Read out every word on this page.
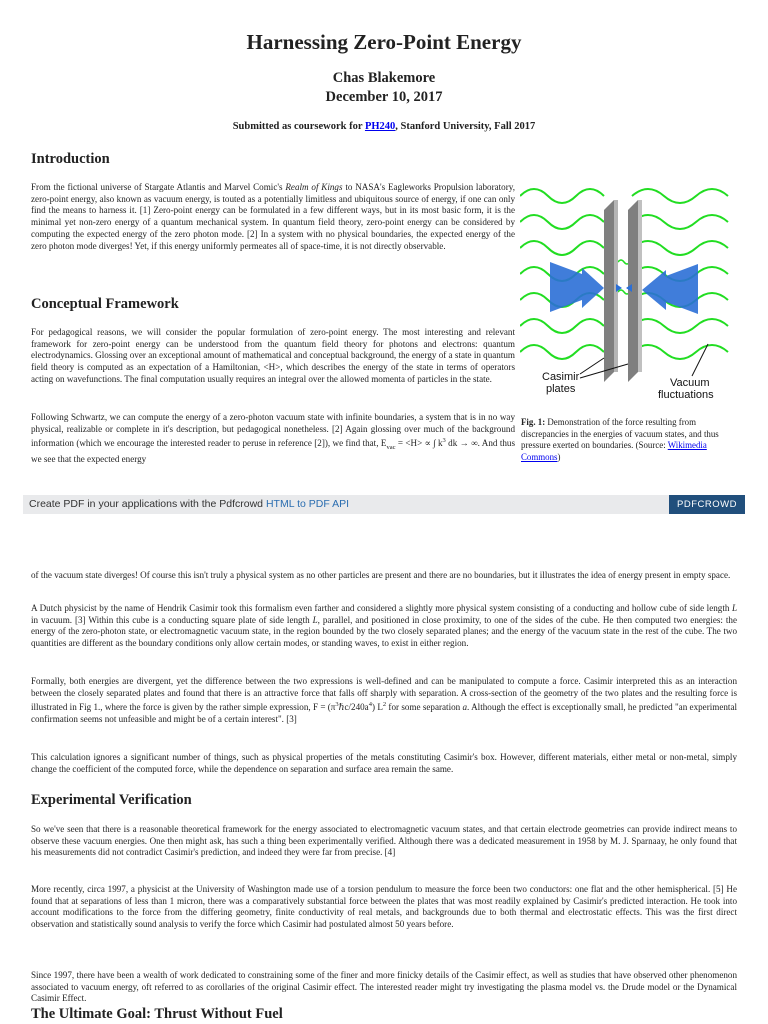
Harnessing Zero-Point Energy

Chas Blakemore

December 10, 2017

Submitted as coursework for PH240, Stanford University, Fall 2017
Introduction

From the fictional universe of Stargate Atlantis and Marvel Comic's Realm of Kings to NASA's Eagleworks Propulsion laboratory, zero-point energy, also known as vacuum energy, is touted as a potentially limitless and ubiquitous source of energy, if one can only find the means to harness it. [1] Zero-point energy can be formulated in a few different ways, but in its most basic form, it is the minimal yet non-zero energy of a quantum mechanical system. In quantum field theory, zero-point energy can be considered by computing the expected energy of the zero photon mode. [2] In a system with no physical boundaries, the expected energy of the zero photon mode diverges! Yet, if this energy uniformly permeates all of space-time, it is not directly observable.

Conceptual Framework

For pedagogical reasons, we will consider the popular formulation of zero-point energy. The most interesting and relevant framework for zero-point energy can be understood from the quantum field theory for photons and electrons: quantum electrodynamics. Glossing over an exceptional amount of mathematical and conceptual background, the energy of a state in quantum field theory is computed as an expectation of a Hamiltonian, <H>, which describes the energy of the state in terms of operators acting on wavefunctions. The final computation usually requires an integral over the allowed momenta of particles in the state.

Following Schwartz, we can compute the energy of a zero-photon vacuum state with infinite boundaries, a system that is in no way physical, realizable or complete in it's description, but pedagogical nonetheless. [2] Again glossing over much of the background information (which we encourage the interested reader to peruse in reference [2]), we find that, $E_{vac} = <H>$ ∝ ∫ $k^3$ dk → ∞. And thus we see that the expected energy

Casimir
plates	Vacuum
fluctuations
Fig. 1: Demonstration of the force resulting from discrepancies in the energies of vacuum states, and thus pressure exerted on boundaries. (Source: Wikimedia Commons)
Create PDF in your applications with the Pdfcrowd HTML to PDF API	PDFCROWD

of the vacuum state diverges! Of course this isn't truly a physical system as no other particles are present and there are no boundaries, but it illustrates the idea of energy present in empty space.

A Dutch physicist by the name of Hendrik Casimir took this formalism even farther and considered a slightly more physical system consisting of a conducting and hollow cube of side length L in vacuum. [3] Within this cube is a conducting square plate of side length L, parallel, and positioned in close proximity, to one of the sides of the cube. He then computed two energies: the energy of the zero-photon state, or electromagnetic vacuum state, in the region bounded by the two closely separated planes; and the energy of the vacuum state in the rest of the cube. The two quantities are different as the boundary conditions only allow certain modes, or standing waves, to exist in either region.

Formally, both energies are divergent, yet the difference between the two expressions is well-defined and can be manipulated to compute a force. Casimir interpreted this as an interaction between the closely separated plates and found that there is an attractive force that falls off sharply with separation. A cross-section of the geometry of the two plates and the resulting force is illustrated in Fig 1., where the force is given by the rather simple expression, $F = (\pi^3\hbar c/240a^4)$ $L^2$ for some separation a. Although the effect is exceptionally small, he predicted "an experimental confirmation seems not unfeasible and might be of a certain interest". [3]

This calculation ignores a significant number of things, such as physical properties of the metals constituting Casimir's box. However, different materials, either metal or non-metal, simply change the coefficient of the computed force, while the dependence on separation and surface area remain the same.

Experimental Verification

So we've seen that there is a reasonable theoretical framework for the energy associated to electromagnetic vacuum states, and that certain electrode geometries can provide indirect means to observe these vacuum energies. One then might ask, has such a thing been experimentally verified. Although there was a dedicated measurement in 1958 by M. J. Sparnaay, he only found that his measurements did not contradict Casimir's prediction, and indeed they were far from precise. [4]

More recently, circa 1997, a physicist at the University of Washington made use of a torsion pendulum to measure the force been two conductors: one flat and the other hemispherical. [5] He found that at separations of less than 1 micron, there was a comparatively substantial force between the plates that was most readily explained by Casimir's predicted interaction. He took into account modifications to the force from the differing geometry, finite conductivity of real metals, and backgrounds due to both thermal and electrostatic effects. This was the first direct observation and statistically sound analysis to verify the force which Casimir had postulated almost 50 years before.

Since 1997, there have been a wealth of work dedicated to constraining some of the finer and more finicky details of the Casimir effect, as well as studies that have observed other phenomenon associated to vacuum energy, oft referred to as corollaries of the original Casimir effect. The interested reader might try investigating the plasma model vs. the Drude model or the Dynamical Casimir Effect.

The Ultimate Goal: Thrust Without Fuel
